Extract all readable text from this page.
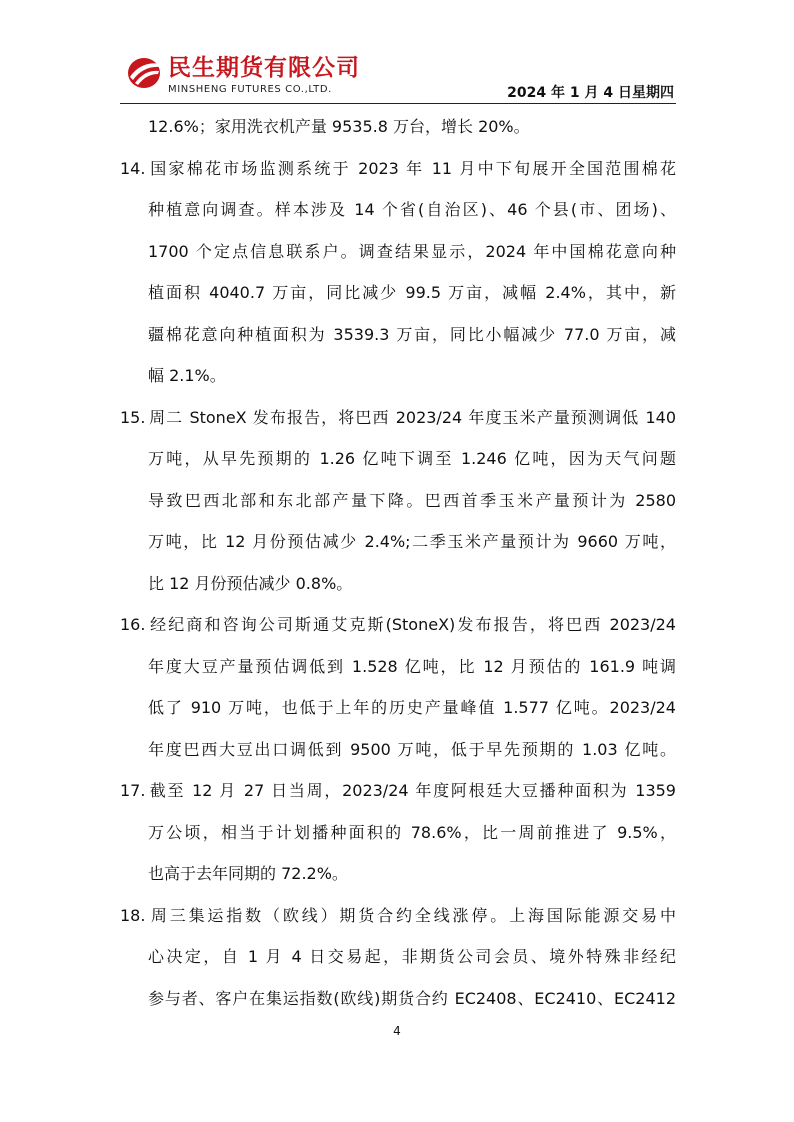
民生期货有限公司
MINSHENG FUTURES CO.,LTD.	2024 年 1 月 4 日星期四
12.6%；家用洗衣机产量 9535.8 万台，增长 20%。
14. 国家棉花市场监测系统于 2023 年 11 月中下旬展开全国范围棉花
种植意向调查。样本涉及 14 个省(自治区)、46 个县(市、团场)、
1700 个定点信息联系户。调查结果显示，2024 年中国棉花意向种
植面积 4040.7 万亩，同比减少 99.5 万亩，减幅 2.4%，其中，新
疆棉花意向种植面积为 3539.3 万亩，同比小幅减少 77.0 万亩，减
幅 2.1%。
15. 周二 StoneX 发布报告，将巴西 2023/24 年度玉米产量预测调低 140
万吨，从早先预期的 1.26 亿吨下调至 1.246 亿吨，因为天气问题
导致巴西北部和东北部产量下降。巴西首季玉米产量预计为 2580
万吨，比 12 月份预估减少 2.4%;二季玉米产量预计为 9660 万吨，
比 12 月份预估减少 0.8%。
16. 经纪商和咨询公司斯通艾克斯(StoneX)发布报告，将巴西 2023/24
年度大豆产量预估调低到 1.528 亿吨，比 12 月预估的 161.9 吨调
低了 910 万吨，也低于上年的历史产量峰值 1.577 亿吨。2023/24
年度巴西大豆出口调低到 9500 万吨，低于早先预期的 1.03 亿吨。
17. 截至 12 月 27 日当周，2023/24 年度阿根廷大豆播种面积为 1359
万公顷，相当于计划播种面积的 78.6%，比一周前推进了 9.5%，
也高于去年同期的 72.2%。
18. 周三集运指数（欧线）期货合约全线涨停。上海国际能源交易中
心决定，自 1 月 4 日交易起，非期货公司会员、境外特殊非经纪
参与者、客户在集运指数(欧线)期货合约 EC2408、EC2410、EC2412
4
